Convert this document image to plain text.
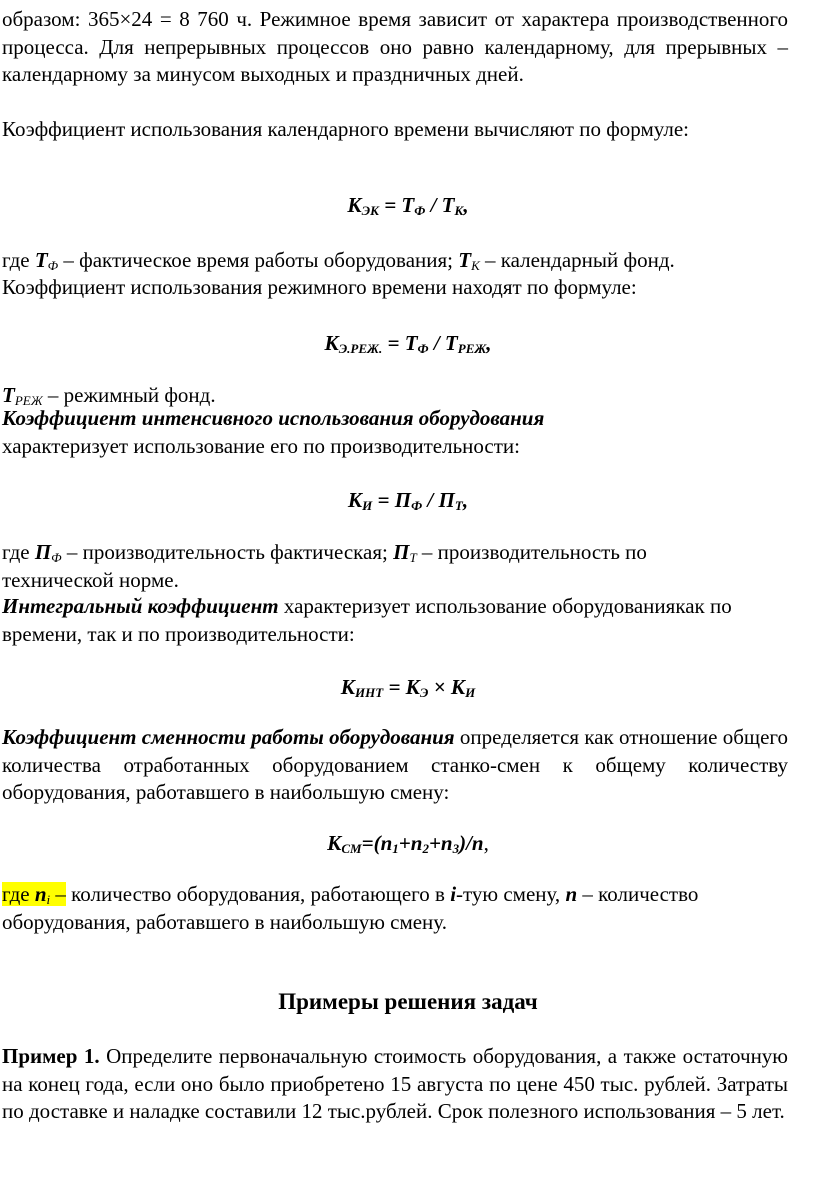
образом: 365×24 = 8 760 ч. Режимное время зависит от характера производственного процесса. Для непрерывных процессов оно равно календарному, для прерывных – календарному за минусом выходных и праздничных дней.

Коэффициент использования календарного времени вычисляют по формуле:

$К_{ЭК} = Т_Ф / Т_К$,

где $Т_Ф$ – фактическое время работы оборудования; $Т_К$ – календарный фонд.

Коэффициент использования режимного времени находят по формуле:

$К_{Э.РЕЖ.} = Т_Ф / Т_{РЕЖ}$,

$Т_{РЕЖ}$ – режимный фонд.

Коэффициент интенсивного использования оборудования
характеризует использование его по производительности:

$К_И = П_Ф / П_Т$,

где $П_Ф$ – производительность фактическая; $П_Т$ – производительность по технической норме.

Интегральный коэффициент характеризует использование оборудованиякак по времени, так и по производительности:

$К_{ИНТ} = К_Э \times К_И$

Коэффициент сменности работы оборудования определяется как отношение общего количества отработанных оборудованием станко-смен к общему количеству оборудования, работавшего в наибольшую смену:

$К_{СМ}=(n_1+n_2+n_3)/n$,

где $n_i$ – количество оборудования, работающего в i-тую смену, n – количество оборудования, работавшего в наибольшую смену.

Примеры решения задач

Пример 1. Определите первоначальную стоимость оборудования, а также остаточную на конец года, если оно было приобретено 15 августа по цене 450 тыс. рублей. Затраты по доставке и наладке составили 12 тыс.рублей. Срок полезного использования – 5 лет.
